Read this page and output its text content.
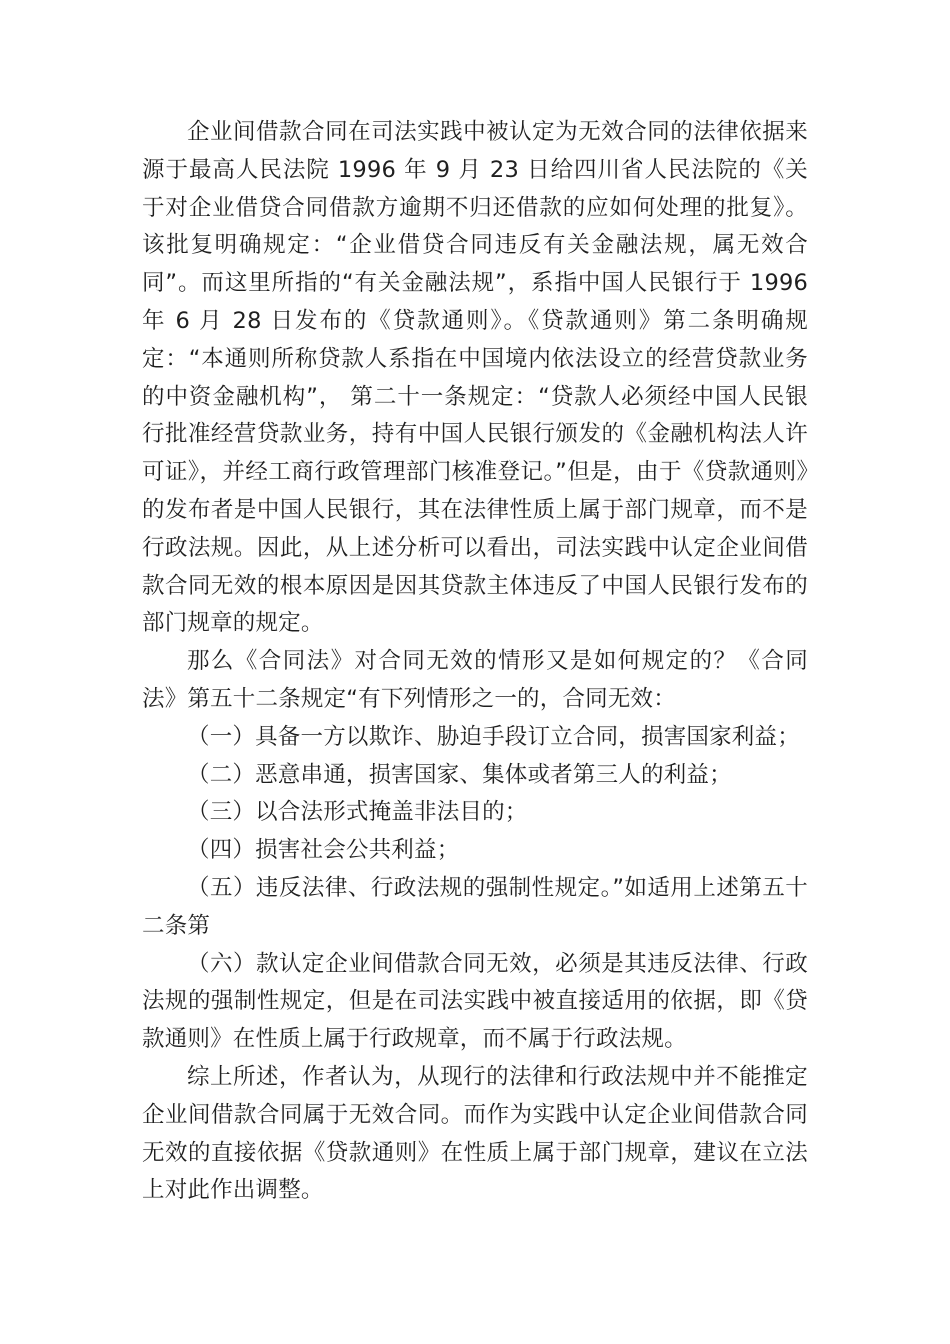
企业间借款合同在司法实践中被认定为无效合同的法律依据来源于最高人民法院 1996 年 9 月 23 日给四川省人民法院的《关于对企业借贷合同借款方逾期不归还借款的应如何处理的批复》。该批复明确规定：“企业借贷合同违反有关金融法规，属无效合同”。而这里所指的“有关金融法规”，系指中国人民银行于 1996 年 6 月 28 日发布的《贷款通则》。《贷款通则》第二条明确规定：“本通则所称贷款人系指在中国境内依法设立的经营贷款业务的中资金融机构”， 第二十一条规定：“贷款人必须经中国人民银行批准经营贷款业务，持有中国人民银行颁发的《金融机构法人许可证》，并经工商行政管理部门核准登记。”但是，由于《贷款通则》的发布者是中国人民银行，其在法律性质上属于部门规章，而不是行政法规。因此，从上述分析可以看出，司法实践中认定企业间借款合同无效的根本原因是因其贷款主体违反了中国人民银行发布的部门规章的规定。

那么《合同法》对合同无效的情形又是如何规定的？《合同法》第五十二条规定“有下列情形之一的，合同无效：

（一）具备一方以欺诈、胁迫手段订立合同，损害国家利益；

（二）恶意串通，损害国家、集体或者第三人的利益；

（三）以合法形式掩盖非法目的；

（四）损害社会公共利益；

（五）违反法律、行政法规的强制性规定。”如适用上述第五十二条第

（六）款认定企业间借款合同无效，必须是其违反法律、行政法规的强制性规定，但是在司法实践中被直接适用的依据，即《贷款通则》在性质上属于行政规章，而不属于行政法规。

综上所述，作者认为，从现行的法律和行政法规中并不能推定企业间借款合同属于无效合同。而作为实践中认定企业间借款合同无效的直接依据《贷款通则》在性质上属于部门规章，建议在立法上对此作出调整。
